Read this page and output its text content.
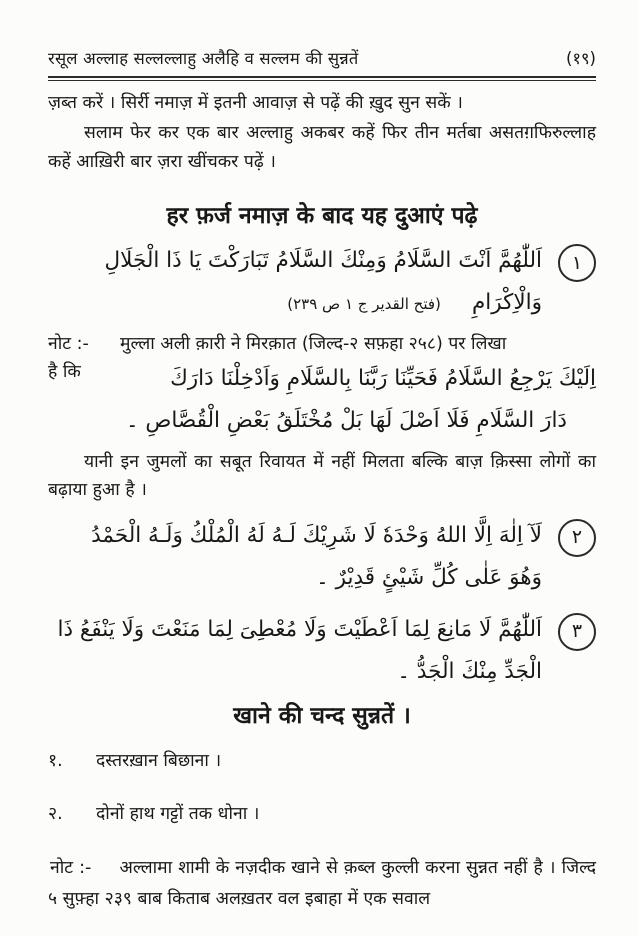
रसूल अल्लाह सल्लल्लाहु अलैहि व सल्लम की सुन्नतें	(१९)

ज़ब्त करें । सिर्री नमाज़ में इतनी आवाज़ से पढ़ें की ख़ुद सुन सकें ।

सलाम फेर कर एक बार अल्लाहु अकबर कहें फिर तीन मर्तबा असतग़फिरुल्लाह कहें आख़िरी बार ज़रा खींचकर पढ़ें ।

हर फ़र्ज नमाज़ के बाद यह दुआएं पढ़े
١
اَللّٰهُمَّ اَنْتَ السَّلَامُ وَمِنْكَ السَّلَامُ تَبَارَكْتَ يَا ذَا الْجَلَالِ وَالْاِكْرَامِ (فتح القدير ج ١ ص ٢٣٩)
नोट :-	मुल्ला अली क़ारी ने मिरक़ात (जिल्द-२ सफ़हा २५८) पर लिखा
है कि	اِلَيْكَ يَرْجِعُ السَّلَامُ فَحَيِّنَا رَبَّنَا بِالسَّلَامِ وَاَدْخِلْنَا دَارَكَ
دَارَ السَّلَامِ فَلَا اَصْلَ لَهَا بَلْ مُخْتَلَقُ بَعْضِ الْقُصَّاصِ ۔

यानी इन जुमलों का सबूत रिवायत में नहीं मिलता बल्कि बाज़ क़िस्सा लोगों का बढ़ाया हुआ है ।

٢
لَآ اِلٰهَ اِلَّا اللهُ وَحْدَهٗ لَا شَرِيْكَ لَـهُ لَهُ الْمُلْكُ وَلَـهُ الْحَمْدُ وَهُوَ عَلٰى كُلِّ شَيْئٍ قَدِيْرٌ ۔
٣
اَللّٰهُمَّ لَا مَانِعَ لِمَا اَعْطَيْتَ وَلَا مُعْطِىَ لِمَا مَنَعْتَ وَلَا يَنْفَعُ ذَا الْجَدِّ مِنْكَ الْجَدُّ ۔
खाने की चन्द सुन्नतें ।
१.	दस्तरख़ान बिछाना ।
२.	दोनों हाथ गट्टों तक धोना ।

नोट :- अल्लामा शामी के नज़दीक खाने से क़ब्ल कुल्ली करना सुन्नत नहीं है । जिल्द ५ सुफ़्हा २३९ बाब किताब अलख़तर वल इबाहा में एक सवाल
